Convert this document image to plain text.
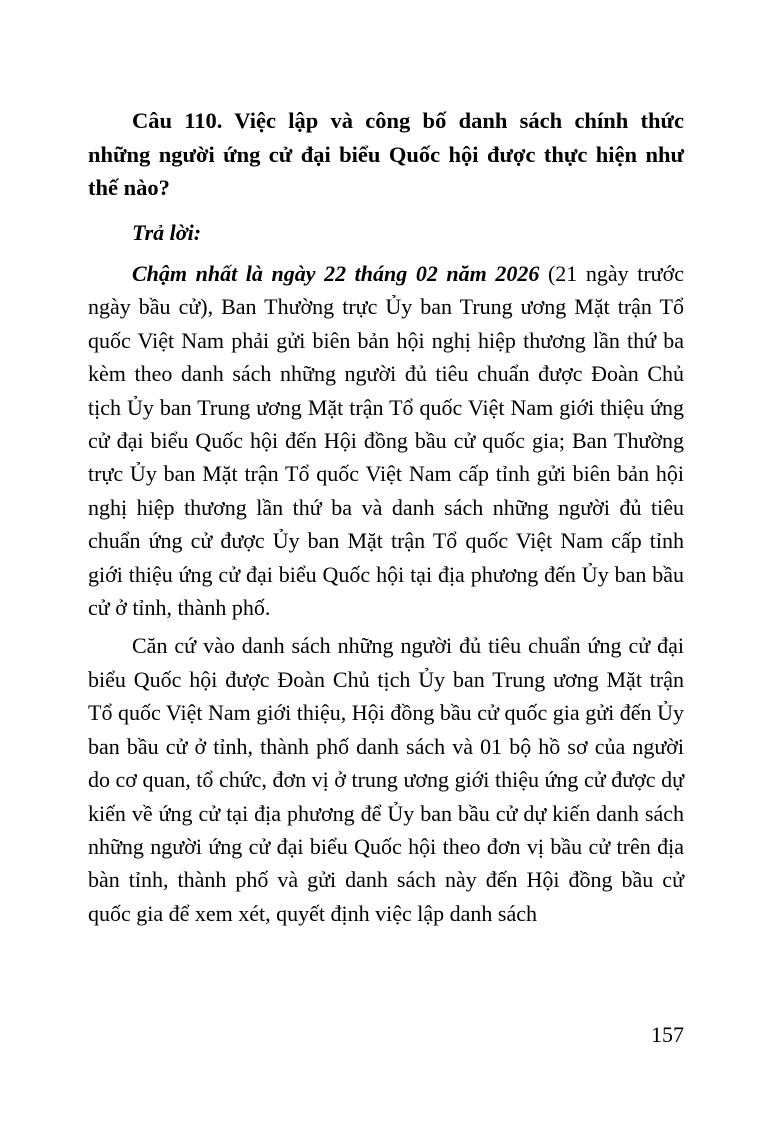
Câu 110. Việc lập và công bố danh sách chính thức những người ứng cử đại biểu Quốc hội được thực hiện như thế nào?

Trả lời:

Chậm nhất là ngày 22 tháng 02 năm 2026 (21 ngày trước ngày bầu cử), Ban Thường trực Ủy ban Trung ương Mặt trận Tổ quốc Việt Nam phải gửi biên bản hội nghị hiệp thương lần thứ ba kèm theo danh sách những người đủ tiêu chuẩn được Đoàn Chủ tịch Ủy ban Trung ương Mặt trận Tổ quốc Việt Nam giới thiệu ứng cử đại biểu Quốc hội đến Hội đồng bầu cử quốc gia; Ban Thường trực Ủy ban Mặt trận Tổ quốc Việt Nam cấp tỉnh gửi biên bản hội nghị hiệp thương lần thứ ba và danh sách những người đủ tiêu chuẩn ứng cử được Ủy ban Mặt trận Tổ quốc Việt Nam cấp tỉnh giới thiệu ứng cử đại biểu Quốc hội tại địa phương đến Ủy ban bầu cử ở tỉnh, thành phố.

Căn cứ vào danh sách những người đủ tiêu chuẩn ứng cử đại biểu Quốc hội được Đoàn Chủ tịch Ủy ban Trung ương Mặt trận Tổ quốc Việt Nam giới thiệu, Hội đồng bầu cử quốc gia gửi đến Ủy ban bầu cử ở tỉnh, thành phố danh sách và 01 bộ hồ sơ của người do cơ quan, tổ chức, đơn vị ở trung ương giới thiệu ứng cử được dự kiến về ứng cử tại địa phương để Ủy ban bầu cử dự kiến danh sách những người ứng cử đại biểu Quốc hội theo đơn vị bầu cử trên địa bàn tỉnh, thành phố và gửi danh sách này đến Hội đồng bầu cử quốc gia để xem xét, quyết định việc lập danh sách

157
